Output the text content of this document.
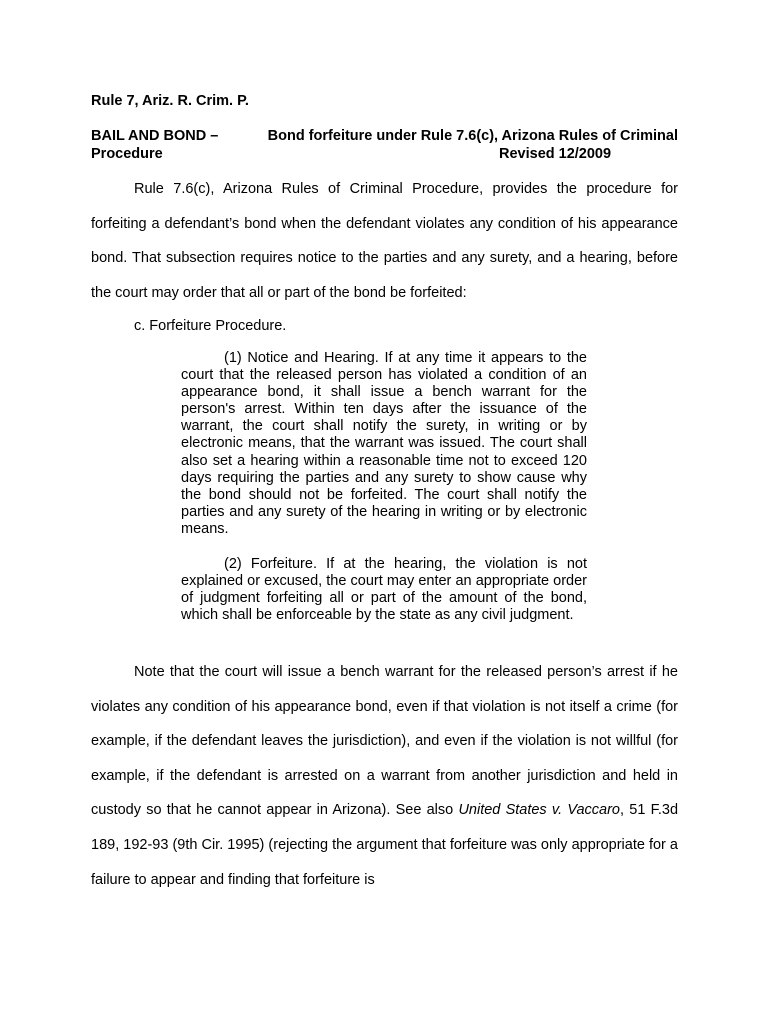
Rule 7, Ariz. R. Crim. P.
BAIL AND BOND –	Bond forfeiture under Rule 7.6(c), Arizona Rules of Criminal
Procedure	Revised 12/2009

Rule 7.6(c), Arizona Rules of Criminal Procedure, provides the procedure for forfeiting a defendant’s bond when the defendant violates any condition of his appearance bond. That subsection requires notice to the parties and any surety, and a hearing, before the court may order that all or part of the bond be forfeited:

c. Forfeiture Procedure.

(1) Notice and Hearing. If at any time it appears to the court that the released person has violated a condition of an appearance bond, it shall issue a bench warrant for the person's arrest. Within ten days after the issuance of the warrant, the court shall notify the surety, in writing or by electronic means, that the warrant was issued. The court shall also set a hearing within a reasonable time not to exceed 120 days requiring the parties and any surety to show cause why the bond should not be forfeited. The court shall notify the parties and any surety of the hearing in writing or by electronic means.

(2) Forfeiture. If at the hearing, the violation is not explained or excused, the court may enter an appropriate order of judgment forfeiting all or part of the amount of the bond, which shall be enforceable by the state as any civil judgment.

Note that the court will issue a bench warrant for the released person’s arrest if he violates any condition of his appearance bond, even if that violation is not itself a crime (for example, if the defendant leaves the jurisdiction), and even if the violation is not willful (for example, if the defendant is arrested on a warrant from another jurisdiction and held in custody so that he cannot appear in Arizona). See also United States v. Vaccaro, 51 F.3d 189, 192-93 (9th Cir. 1995) (rejecting the argument that forfeiture was only appropriate for a failure to appear and finding that forfeiture is
